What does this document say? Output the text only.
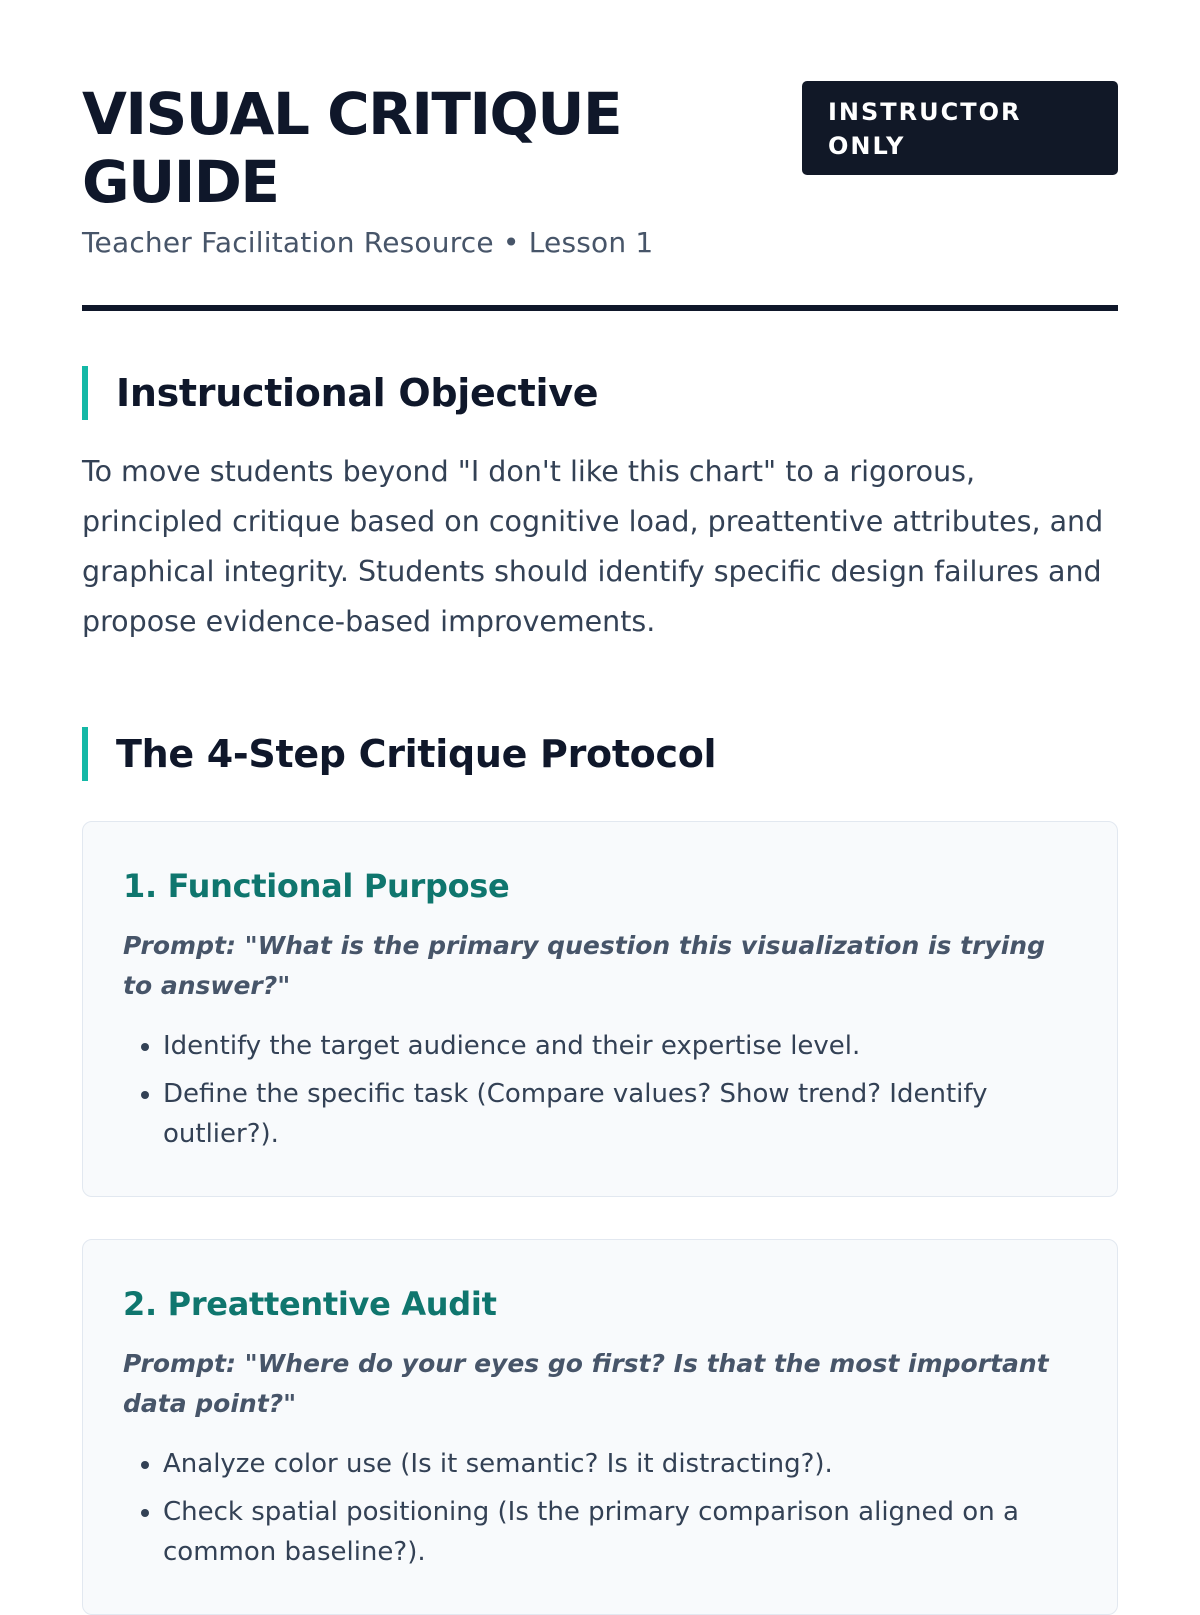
VISUAL CRITIQUE GUIDE
Teacher Facilitation Resource • Lesson 1
INSTRUCTOR ONLY
Instructional Objective

To move students beyond "I don't like this chart" to a rigorous, principled critique based on cognitive load, preattentive attributes, and graphical integrity. Students should identify specific design failures and propose evidence-based improvements.

The 4-Step Critique Protocol
1. Functional Purpose
Prompt: "What is the primary question this visualization is trying to answer?"
• Identify the target audience and their expertise level.
• Define the specific task (Compare values? Show trend? Identify outlier?).
2. Preattentive Audit
Prompt: "Where do your eyes go first? Is that the most important data point?"
• Analyze color use (Is it semantic? Is it distracting?).
• Check spatial positioning (Is the primary comparison aligned on a common baseline?).
